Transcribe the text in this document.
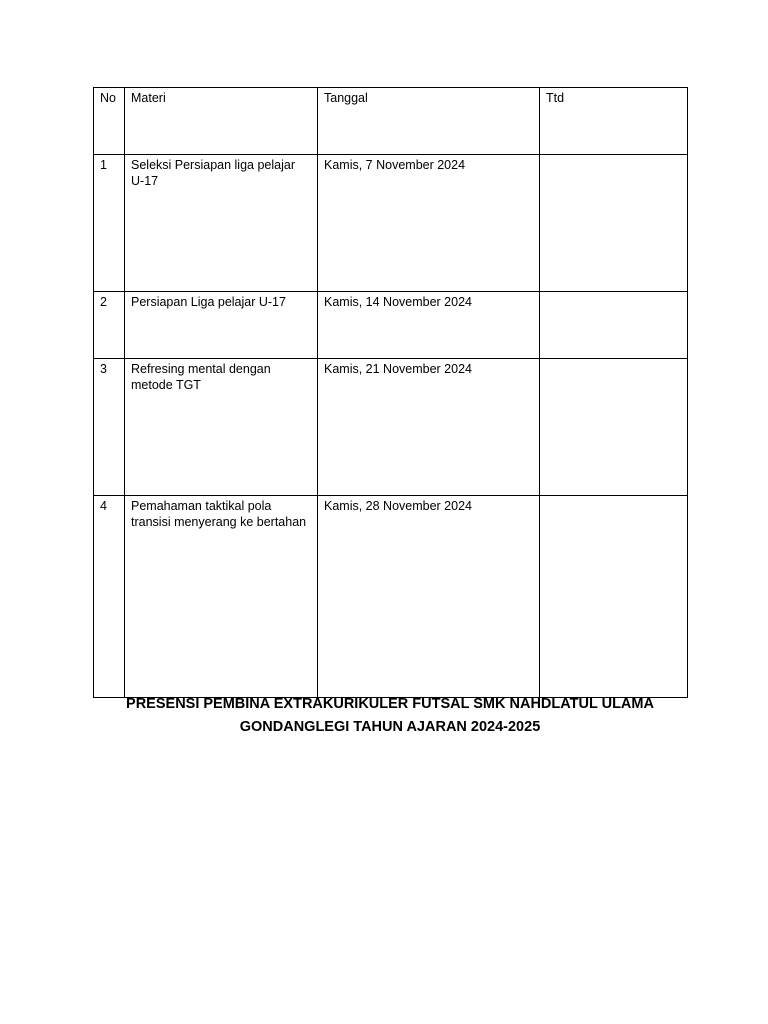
No	Materi	Tanggal	Ttd
1	Seleksi Persiapan liga pelajar U-17	Kamis, 7 November 2024	
2	Persiapan Liga pelajar U-17	Kamis, 14 November 2024	
3	Refresing mental dengan metode TGT	Kamis, 21 November 2024	
4	Pemahaman taktikal pola transisi menyerang ke bertahan	Kamis, 28 November 2024	
PRESENSI PEMBINA EXTRAKURIKULER FUTSAL SMK NAHDLATUL ULAMA
GONDANGLEGI TAHUN AJARAN 2024-2025
